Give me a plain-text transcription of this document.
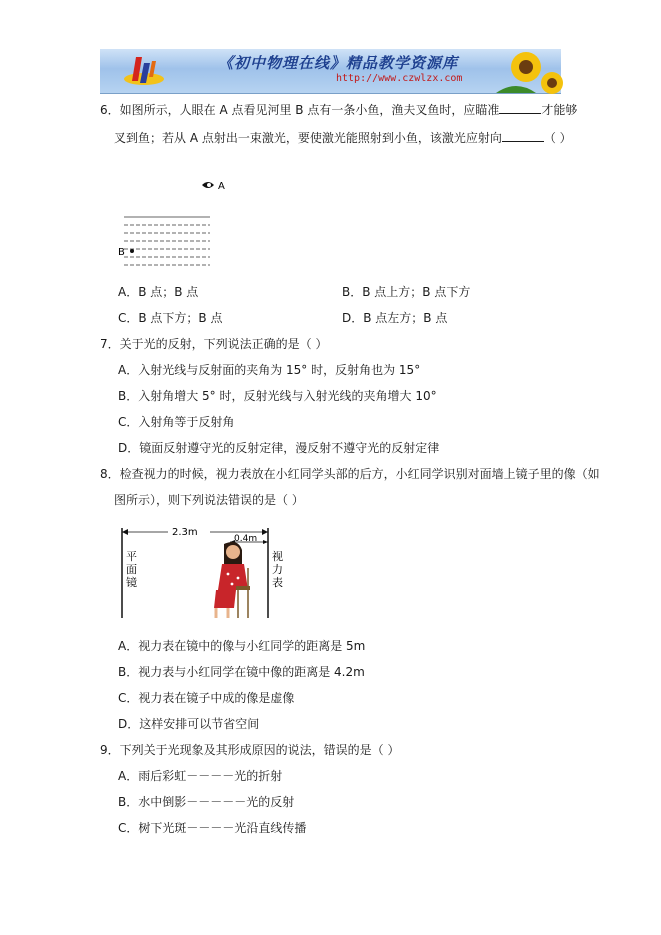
《初中物理在线》精品教学资源库
http://www.czwlzx.com
6．如图所示，人眼在 A 点看见河里 B 点有一条小鱼，渔夫叉鱼时，应瞄准	才能够
叉到鱼；若从 A 点射出一束激光，要使激光能照射到小鱼，该激光应射向	（ ）
A
B
A．B 点；B 点	B．B 点上方；B 点下方
C．B 点下方；B 点	D．B 点左方；B 点
7．关于光的反射，下列说法正确的是（ ）
A．入射光线与反射面的夹角为 15° 时，反射角也为 15°
B．入射角增大 5° 时，反射光线与入射光线的夹角增大 10°
C．入射角等于反射角
D．镜面反射遵守光的反射定律，漫反射不遵守光的反射定律
8．检查视力的时候，视力表放在小红同学头部的后方，小红同学识别对面墙上镜子里的像（如
图所示），则下列说法错误的是（ ）
2.3m
0.4m
平
面
镜
视
力
表
A．视力表在镜中的像与小红同学的距离是 5m
B．视力表与小红同学在镜中像的距离是 4.2m
C．视力表在镜子中成的像是虚像
D．这样安排可以节省空间
9．下列关于光现象及其形成原因的说法，错误的是（ ）
A．雨后彩虹－－－－光的折射
B．水中倒影－－－－－光的反射
C．树下光斑－－－－光沿直线传播
